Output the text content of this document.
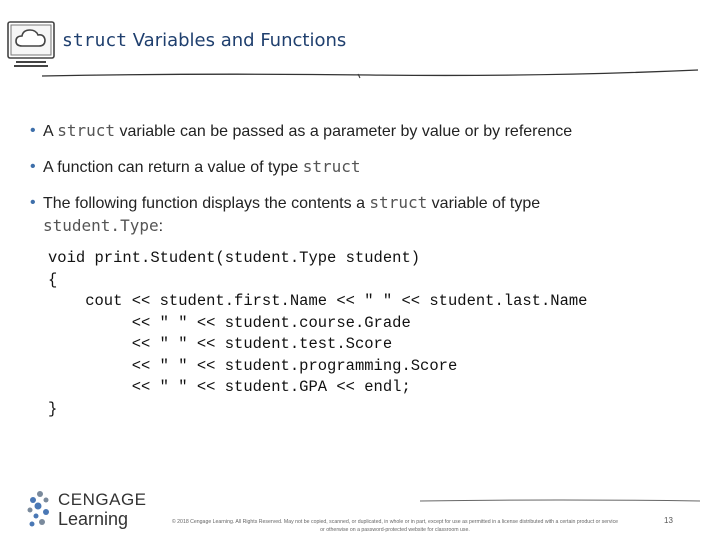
struct Variables and Functions
• A struct variable can be passed as a parameter by value or by reference
• A function can return a value of type struct
• The following function displays the contents a struct variable of type
student.Type:
void print.Student(student.Type student)
{
cout << student.first.Name << " " << student.last.Name
<< " " << student.course.Grade
<< " " << student.test.Score
<< " " << student.programming.Score
<< " " << student.GPA << endl;
}
CENGAGE
Learning	© 2018 Cengage Learning. All Rights Reserved. May not be copied, scanned, or duplicated, in whole or in part, except for use as permitted in a license distributed with a certain product or service
or otherwise on a password-protected website for classroom use.
13
